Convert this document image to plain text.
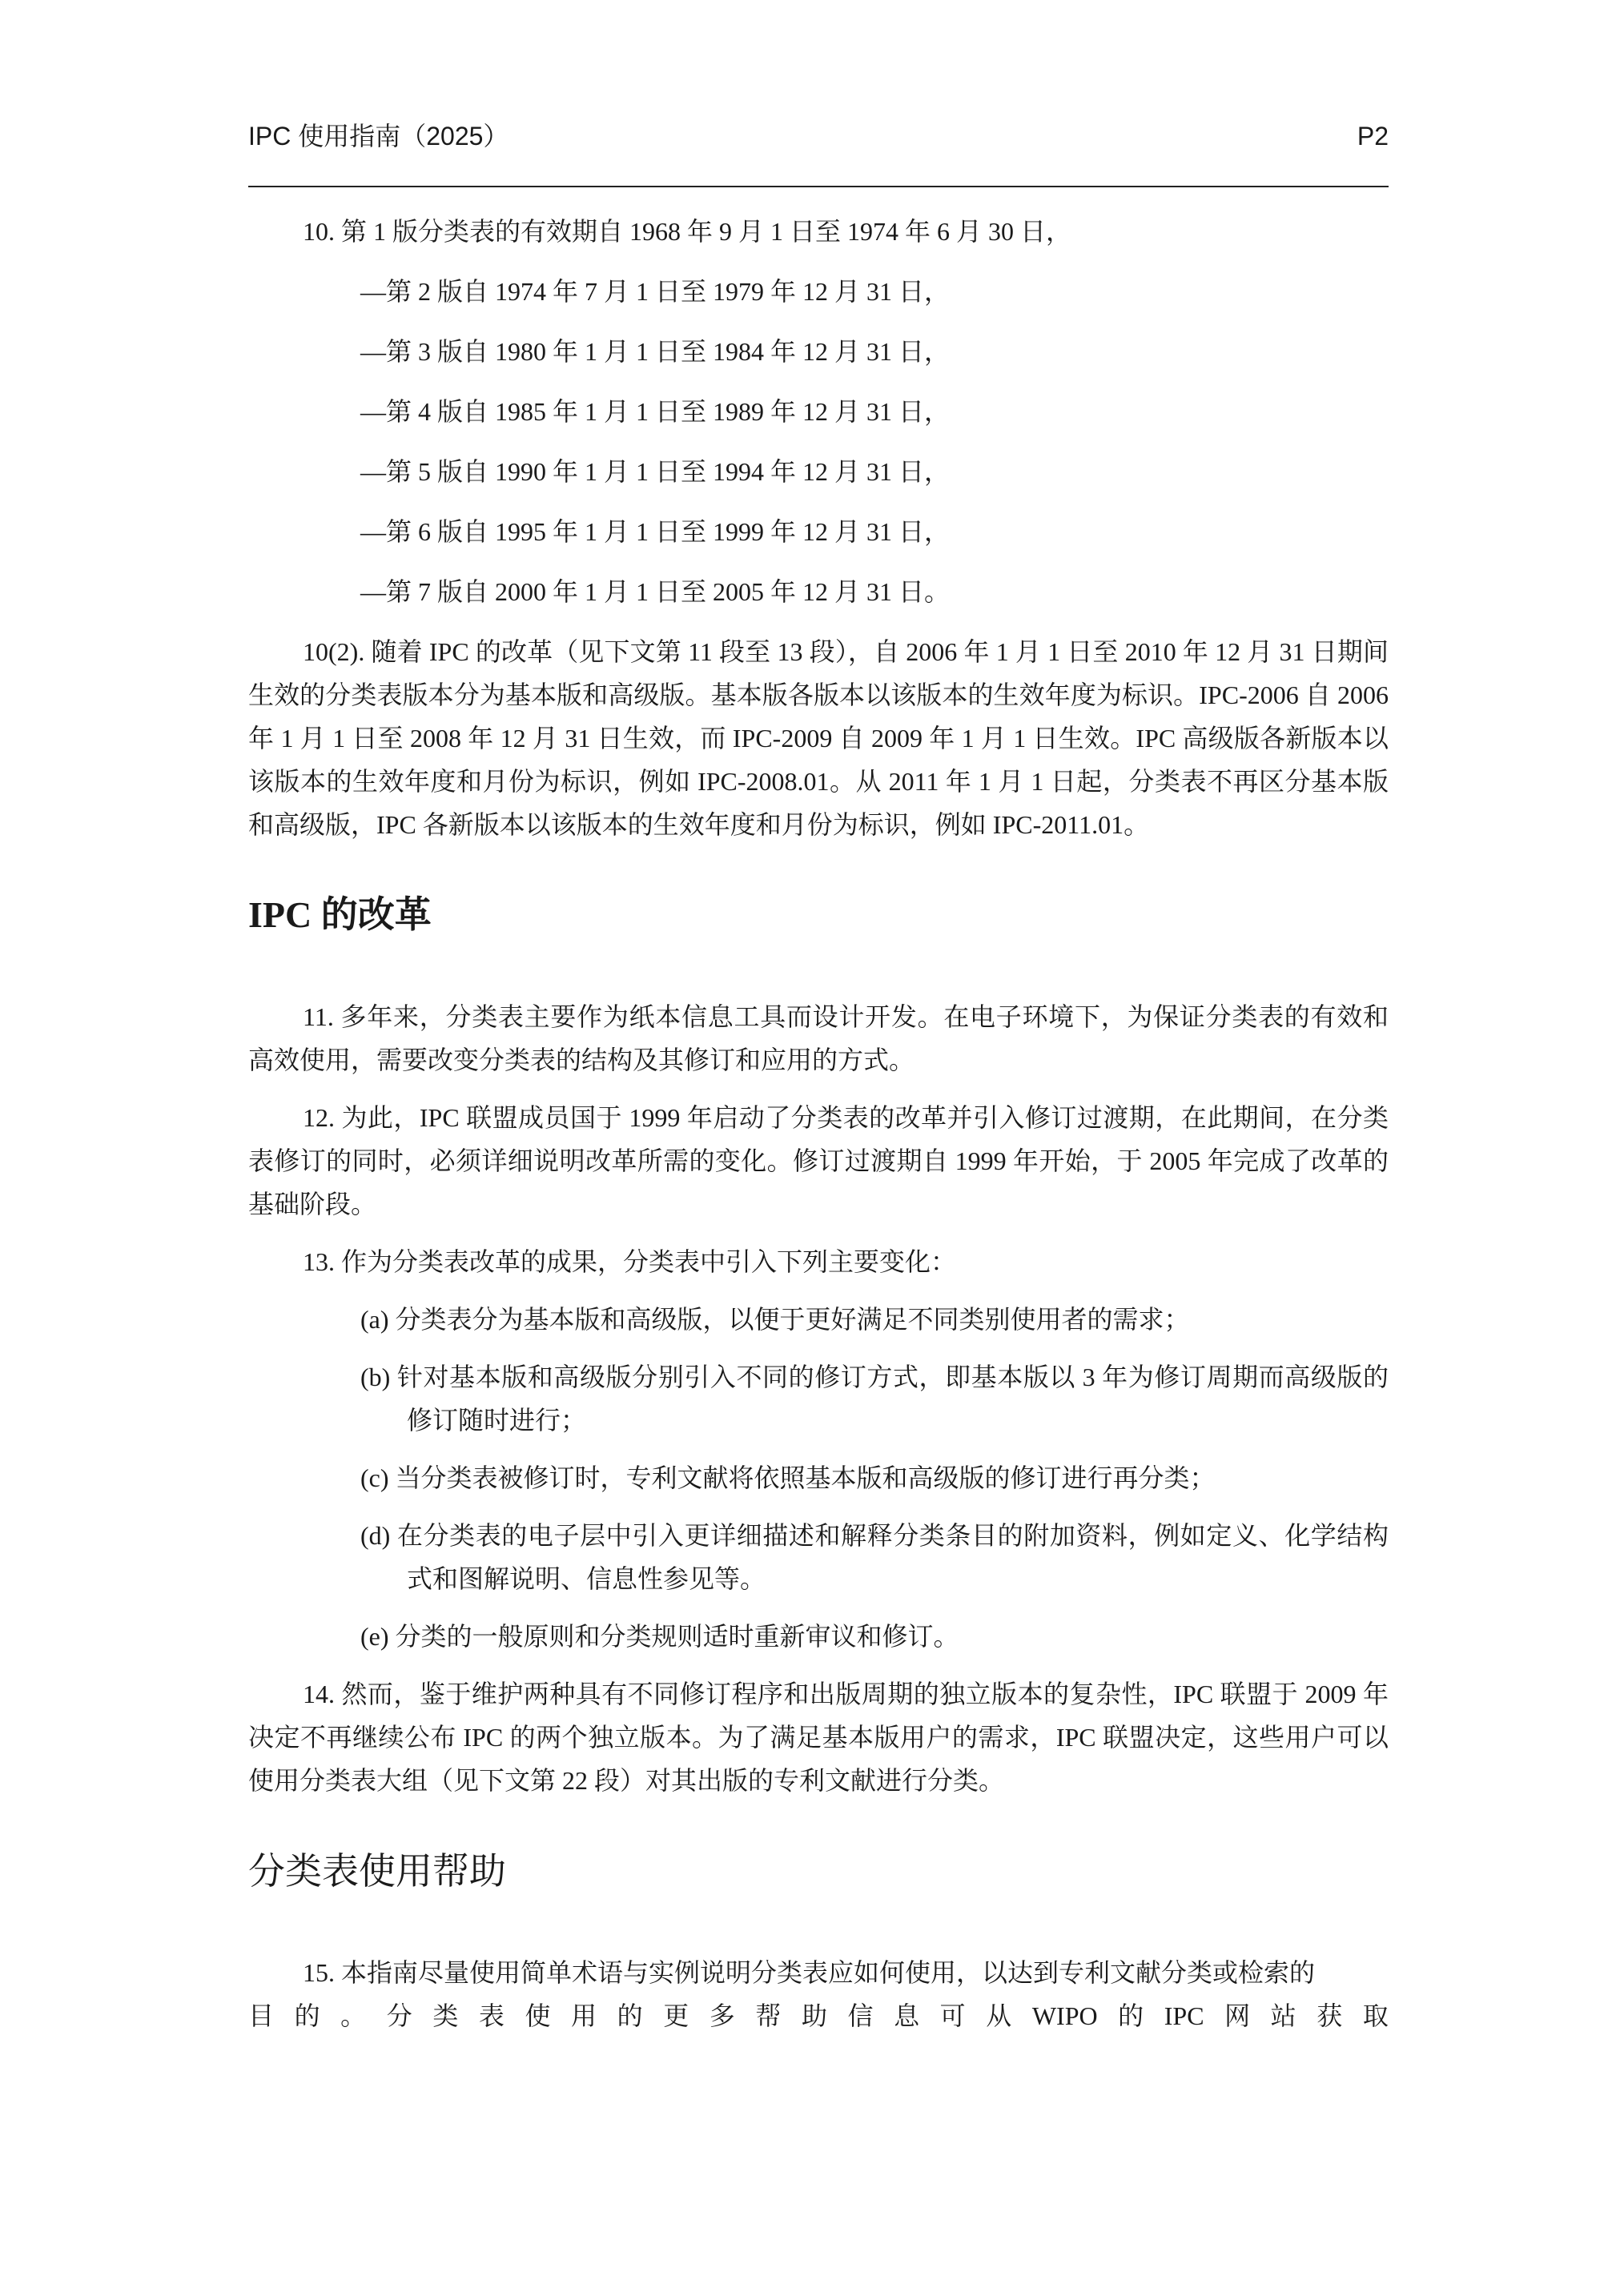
IPC 使用指南（2025）	P2

10. 第 1 版分类表的有效期自 1968 年 9 月 1 日至 1974 年 6 月 30 日，

—第 2 版自 1974 年 7 月 1 日至 1979 年 12 月 31 日，

—第 3 版自 1980 年 1 月 1 日至 1984 年 12 月 31 日，

—第 4 版自 1985 年 1 月 1 日至 1989 年 12 月 31 日，

—第 5 版自 1990 年 1 月 1 日至 1994 年 12 月 31 日，

—第 6 版自 1995 年 1 月 1 日至 1999 年 12 月 31 日，

—第 7 版自 2000 年 1 月 1 日至 2005 年 12 月 31 日。

10(2). 随着 IPC 的改革（见下文第 11 段至 13 段），自 2006 年 1 月 1 日至 2010 年 12 月 31 日期间生效的分类表版本分为基本版和高级版。基本版各版本以该版本的生效年度为标识。IPC-2006 自 2006 年 1 月 1 日至 2008 年 12 月 31 日生效，而 IPC-2009 自 2009 年 1 月 1 日生效。IPC 高级版各新版本以该版本的生效年度和月份为标识，例如 IPC-2008.01。从 2011 年 1 月 1 日起，分类表不再区分基本版和高级版，IPC 各新版本以该版本的生效年度和月份为标识，例如 IPC-2011.01。

IPC 的改革

11. 多年来，分类表主要作为纸本信息工具而设计开发。在电子环境下，为保证分类表的有效和高效使用，需要改变分类表的结构及其修订和应用的方式。

12. 为此，IPC 联盟成员国于 1999 年启动了分类表的改革并引入修订过渡期，在此期间，在分类表修订的同时，必须详细说明改革所需的变化。修订过渡期自 1999 年开始，于 2005 年完成了改革的基础阶段。

13. 作为分类表改革的成果，分类表中引入下列主要变化：

(a) 分类表分为基本版和高级版，以便于更好满足不同类别使用者的需求；

(b) 针对基本版和高级版分别引入不同的修订方式，即基本版以 3 年为修订周期而高级版的修订随时进行；

(c) 当分类表被修订时，专利文献将依照基本版和高级版的修订进行再分类；

(d) 在分类表的电子层中引入更详细描述和解释分类条目的附加资料，例如定义、化学结构式和图解说明、信息性参见等。

(e) 分类的一般原则和分类规则适时重新审议和修订。

14. 然而，鉴于维护两种具有不同修订程序和出版周期的独立版本的复杂性，IPC 联盟于 2009 年决定不再继续公布 IPC 的两个独立版本。为了满足基本版用户的需求，IPC 联盟决定，这些用户可以使用分类表大组（见下文第 22 段）对其出版的专利文献进行分类。

分类表使用帮助

15. 本指南尽量使用简单术语与实例说明分类表应如何使用，以达到专利文献分类或检索的

目 的 。 分 类 表 使 用 的 更 多 帮 助 信 息 可 从 WIPO 的 IPC 网 站 获 取
